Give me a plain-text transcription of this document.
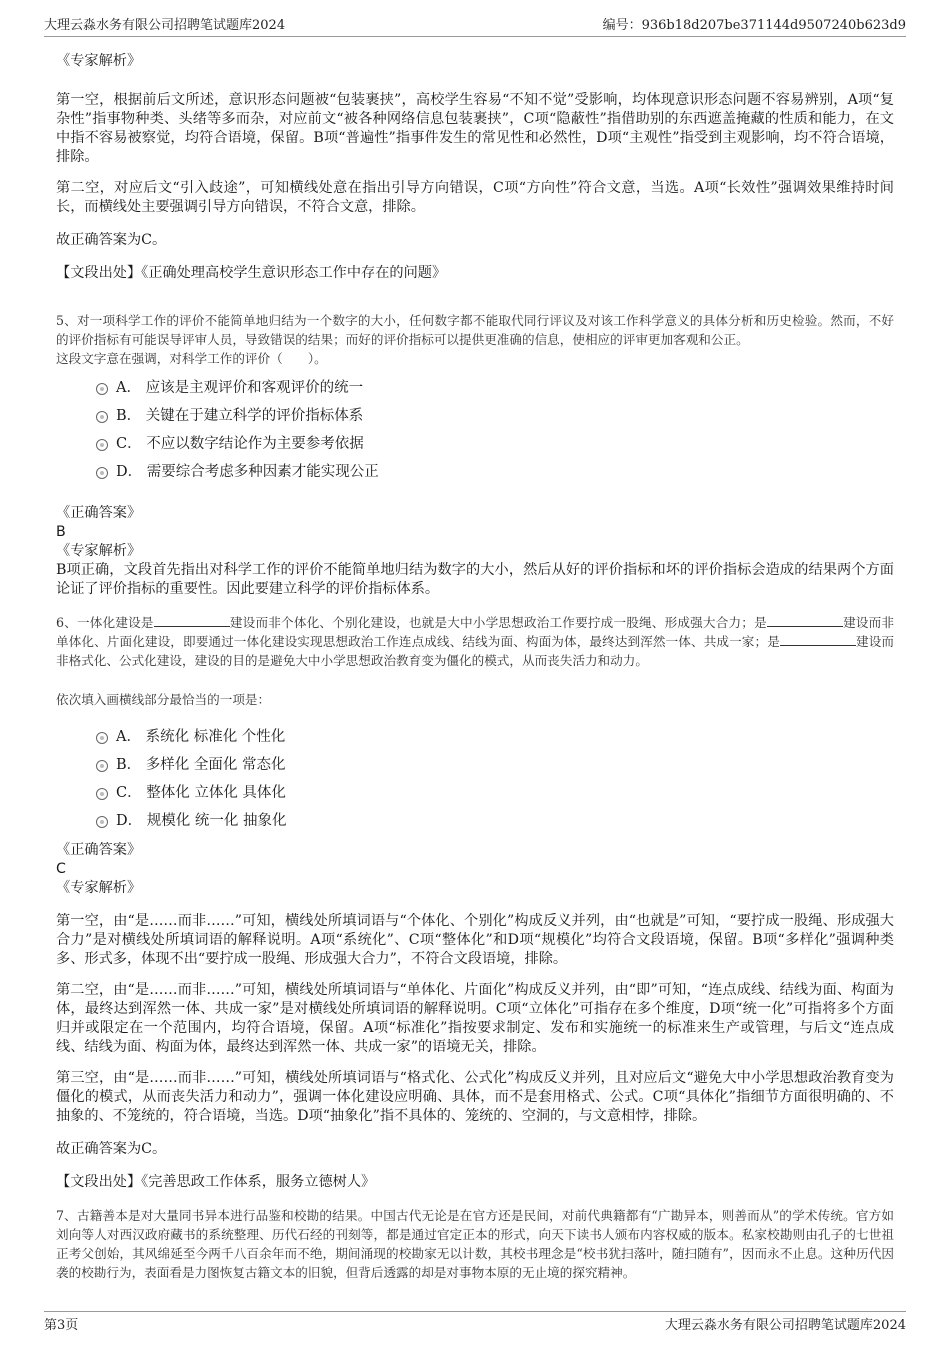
大理云淼水务有限公司招聘笔试题库2024	编号：936b18d207be371144d9507240b623d9

《专家解析》

第一空，根据前后文所述，意识形态问题被“包装裹挟”，高校学生容易“不知不觉”受影响，均体现意识形态问题不容易辨别，A项“复杂性”指事物种类、头绪等多而杂，对应前文“被各种网络信息包装裹挟”，C项“隐蔽性”指借助别的东西遮盖掩藏的性质和能力，在文中指不容易被察觉，均符合语境，保留。B项“普遍性”指事件发生的常见性和必然性，D项“主观性”指受到主观影响，均不符合语境，排除。

第二空，对应后文“引入歧途”，可知横线处意在指出引导方向错误，C项“方向性”符合文意，当选。A项“长效性”强调效果维持时间长，而横线处主要强调引导方向错误，不符合文意，排除。

故正确答案为C。

【文段出处】《正确处理高校学生意识形态工作中存在的问题》

5、对一项科学工作的评价不能简单地归结为一个数字的大小，任何数字都不能取代同行评议及对该工作科学意义的具体分析和历史检验。然而，不好的评价指标有可能误导评审人员，导致错误的结果；而好的评价指标可以提供更准确的信息，使相应的评审更加客观和公正。

这段文字意在强调，对科学工作的评价（　　）。

A． 应该是主观评价和客观评价的统一
B． 关键在于建立科学的评价指标体系
C． 不应以数字结论作为主要参考依据
D． 需要综合考虑多种因素才能实现公正

《正确答案》

B

《专家解析》

B项正确，文段首先指出对科学工作的评价不能简单地归结为数字的大小，然后从好的评价指标和坏的评价指标会造成的结果两个方面论证了评价指标的重要性。因此要建立科学的评价指标体系。

6、一体化建设是	建设而非个体化、个别化建设，也就是大中小学思想政治工作要拧成一股绳、形成强大合力；是	建设而非单体化、片面化建设，即要通过一体化建设实现思想政治工作连点成线、结线为面、构面为体，最终达到浑然一体、共成一家；是	建设而非格式化、公式化建设，建设的目的是避免大中小学思想政治教育变为僵化的模式，从而丧失活力和动力。

依次填入画横线部分最恰当的一项是：

A． 系统化 标准化 个性化
B． 多样化 全面化 常态化
C． 整体化 立体化 具体化
D． 规模化 统一化 抽象化

《正确答案》

C

《专家解析》

第一空，由“是……而非……”可知，横线处所填词语与“个体化、个别化”构成反义并列，由“也就是”可知，“要拧成一股绳、形成强大合力”是对横线处所填词语的解释说明。A项“系统化”、C项“整体化”和D项“规模化”均符合文段语境，保留。B项“多样化”强调种类多、形式多，体现不出“要拧成一股绳、形成强大合力”，不符合文段语境，排除。

第二空，由“是……而非……”可知，横线处所填词语与“单体化、片面化”构成反义并列，由“即”可知，“连点成线、结线为面、构面为体，最终达到浑然一体、共成一家”是对横线处所填词语的解释说明。C项“立体化”可指存在多个维度，D项“统一化”可指将多个方面归并或限定在一个范围内，均符合语境，保留。A项“标准化”指按要求制定、发布和实施统一的标准来生产或管理，与后文“连点成线、结线为面、构面为体，最终达到浑然一体、共成一家”的语境无关，排除。

第三空，由“是……而非……”可知，横线处所填词语与“格式化、公式化”构成反义并列，且对应后文“避免大中小学思想政治教育变为僵化的模式，从而丧失活力和动力”，强调一体化建设应明确、具体，而不是套用格式、公式。C项“具体化”指细节方面很明确的、不抽象的、不笼统的，符合语境，当选。D项“抽象化”指不具体的、笼统的、空洞的，与文意相悖，排除。

故正确答案为C。

【文段出处】《完善思政工作体系，服务立德树人》

7、古籍善本是对大量同书异本进行品鉴和校勘的结果。中国古代无论是在官方还是民间，对前代典籍都有“广勘异本，则善而从”的学术传统。官方如刘向等人对西汉政府藏书的系统整理、历代石经的刊刻等，都是通过官定正本的形式，向天下读书人颁布内容权威的版本。私家校勘则由孔子的七世祖正考父创始，其风绵延至今两千八百余年而不绝，期间涌现的校勘家无以计数，其校书理念是“校书犹扫落叶，随扫随有”，因而永不止息。这种历代因袭的校勘行为，表面看是力图恢复古籍文本的旧貌，但背后透露的却是对事物本原的无止境的探究精神。

第3页	大理云淼水务有限公司招聘笔试题库2024
